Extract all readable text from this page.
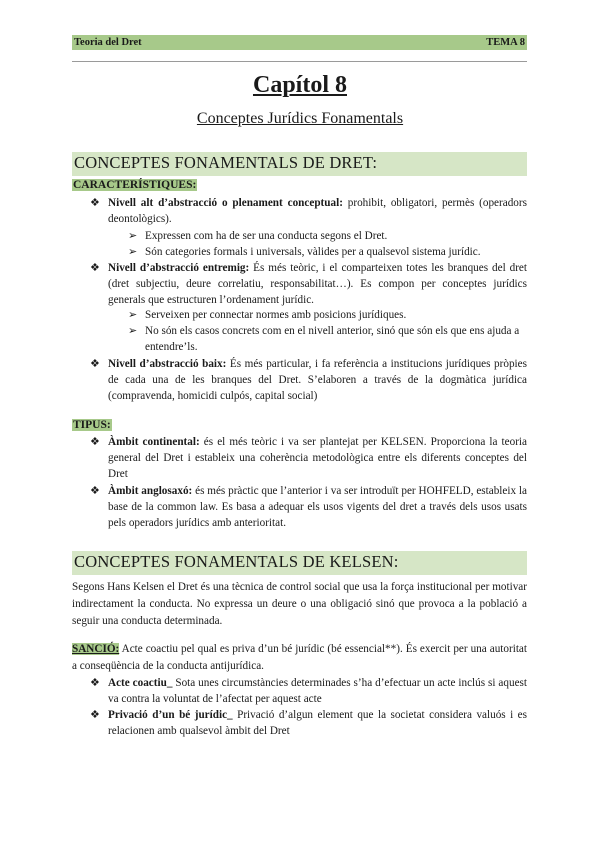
Teoria del Dret	TEMA 8
Capítol 8
Conceptes Jurídics Fonamentals
CONCEPTES FONAMENTALS DE DRET:
CARACTERÍSTIQUES:
❖ Nivell alt d’abstracció o plenament conceptual: prohibit, obligatori, permès (operadors deontològics).
➢ Expressen com ha de ser una conducta segons el Dret.
➢ Són categories formals i universals, vàlides per a qualsevol sistema jurídic.
❖ Nivell d’abstracció entremig: És més teòric, i el comparteixen totes les branques del dret (dret subjectiu, deure correlatiu, responsabilitat…). Es compon per conceptes jurídics generals que estructuren l’ordenament jurídic.
➢ Serveixen per connectar normes amb posicions jurídiques.
➢ No són els casos concrets com en el nivell anterior, sinó que són els que ens ajuda a entendre’ls.
❖ Nivell d’abstracció baix: És més particular, i fa referència a institucions jurídiques pròpies de cada una de les branques del Dret. S’elaboren a través de la dogmàtica jurídica (compravenda, homicidi culpós, capital social)
TIPUS:
❖ Àmbit continental: és el més teòric i va ser plantejat per KELSEN. Proporciona la teoria general del Dret i estableix una coherència metodològica entre els diferents conceptes del Dret
❖ Àmbit anglosaxó: és més pràctic que l’anterior i va ser introduït per HOHFELD, estableix la base de la common law. Es basa a adequar els usos vigents del dret a través dels usos usats pels operadors jurídics amb anterioritat.
CONCEPTES FONAMENTALS DE KELSEN:
Segons Hans Kelsen el Dret és una tècnica de control social que usa la força institucional per motivar indirectament la conducta. No expressa un deure o una obligació sinó que provoca a la població a seguir una conducta determinada.
SANCIÓ: Acte coactiu pel qual es priva d’un bé jurídic (bé essencial**). És exercit per una autoritat a conseqüència de la conducta antijurídica.
❖ Acte coactiu_ Sota unes circumstàncies determinades s’ha d’efectuar un acte inclús si aquest va contra la voluntat de l’afectat per aquest acte
❖ Privació d’un bé jurídic_ Privació d’algun element que la societat considera valuós i es relacionen amb qualsevol àmbit del Dret
